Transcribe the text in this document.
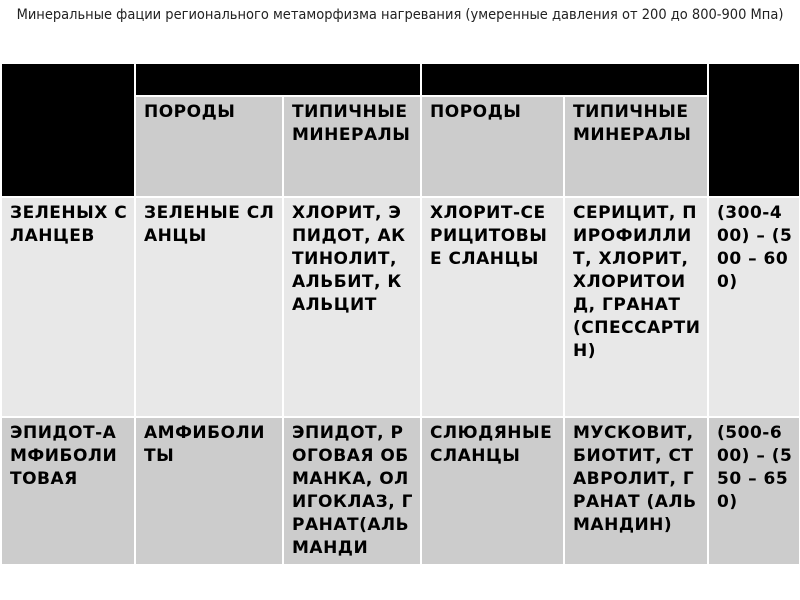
Минеральные фации регионального метаморфизма нагревания (умеренные давления от 200 до 800-900 Мпа)
МИНЕРАЛЬНЫЕ ФАЦИИ	МЕТАБАЗИТЫ		МЕТАПЕЛИТЫ		ТЕМПЕРАТУРА, °С
	ПОРОДЫ	ТИПИЧНЫЕ МИНЕРАЛЫ	ПОРОДЫ	ТИПИЧНЫЕ МИНЕРАЛЫ	
ЗЕЛЕНЫХ СЛАНЦЕВ	ЗЕЛЕНЫЕ СЛАНЦЫ	ХЛОРИТ, ЭПИДОТ, АКТИНОЛИТ, АЛЬБИТ, КАЛЬЦИТ	ХЛОРИТ-СЕРИЦИТОВЫЕ СЛАНЦЫ	СЕРИЦИТ, ПИРОФИЛЛИТ, ХЛОРИТ, ХЛОРИТОИД, ГРАНАТ (СПЕССАРТИН)	(300-400) – (500 – 600)
ЭПИДОТ-АМФИБОЛИТОВАЯ	АМФИБОЛИТЫ	ЭПИДОТ, РОГОВАЯ ОБМАНКА, ОЛИГОКЛАЗ, ГРАНАТ(АЛЬМАНДИ	СЛЮДЯНЫЕ СЛАНЦЫ	МУСКОВИТ, БИОТИТ, СТАВРОЛИТ, ГРАНАТ (АЛЬМАНДИН)	(500-600) – (550 – 650)
